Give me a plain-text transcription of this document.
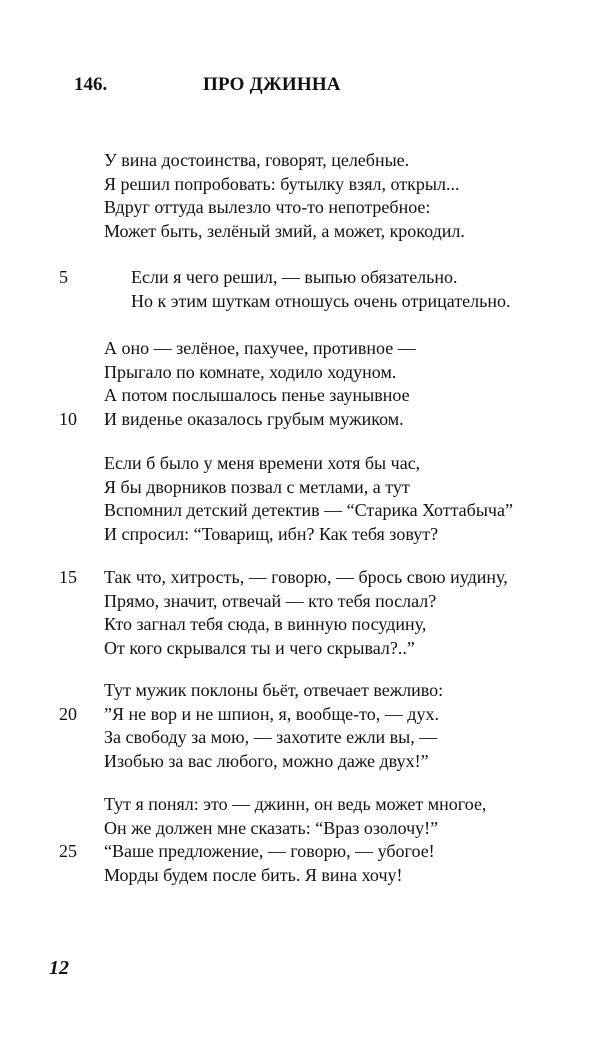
146.	ПРО ДЖИННА
У вина достоинства, говорят, целебные.
Я решил попробовать: бутылку взял, открыл...
Вдруг оттуда вылезло что-то непотребное:
Может быть, зелёный змий, а может, крокодил.
5	Если я чего решил, — выпью обязательно.
Но к этим шуткам отношусь очень отрицательно.
А оно — зелёное, пахучее, противное —
Прыгало по комнате, ходило ходуном.
А потом послышалось пенье заунывное
10	И виденье оказалось грубым мужиком.
Если б было у меня времени хотя бы час,
Я бы дворников позвал с метлами, а тут
Вспомнил детский детектив — “Старика Хоттабыча”
И спросил: “Товарищ, ибн? Как тебя зовут?
15	Так что, хитрость, — говорю, — брось свою иудину,
Прямо, значит, отвечай — кто тебя послал?
Кто загнал тебя сюда, в винную посудину,
От кого скрывался ты и чего скрывал?..”
Тут мужик поклоны бьёт, отвечает вежливо:
20	”Я не вор и не шпион, я, вообще-то, — дух.
За свободу за мою, — захотите ежли вы, —
Изобью за вас любого, можно даже двух!”
Тут я понял: это — джинн, он ведь может многое,
Он же должен мне сказать: “Враз озолочу!”
25	“Ваше предложение, — говорю, — убогое!
Морды будем после бить. Я вина хочу!
12
